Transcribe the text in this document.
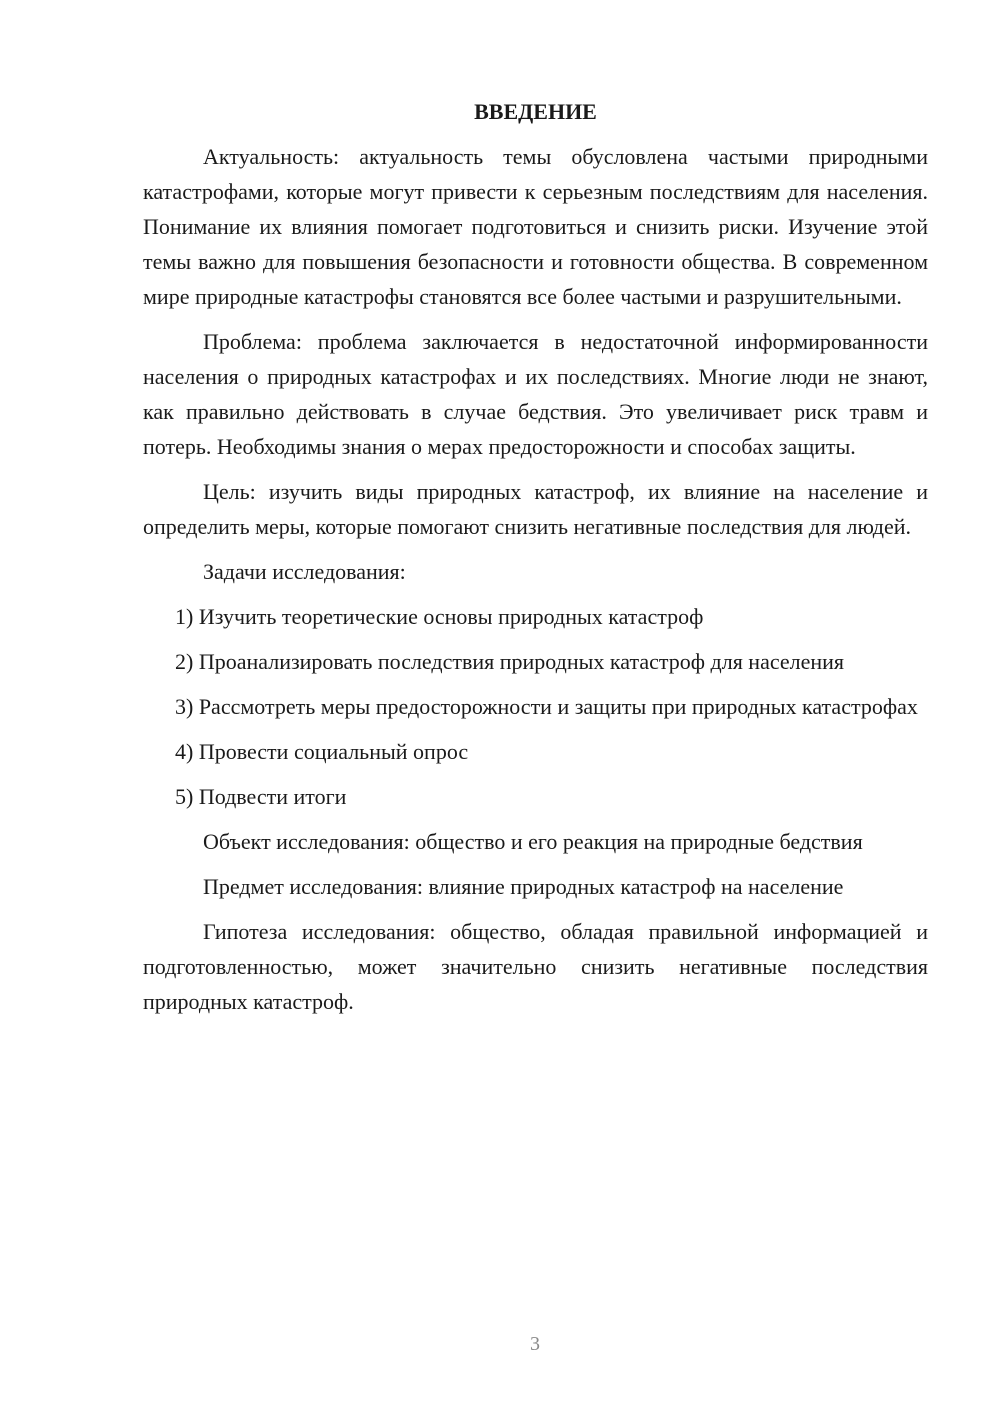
ВВЕДЕНИЕ

Актуальность: актуальность темы обусловлена частыми природными катастрофами, которые могут привести к серьезным последствиям для населения. Понимание их влияния помогает подготовиться и снизить риски. Изучение этой темы важно для повышения безопасности и готовности общества. В современном мире природные катастрофы становятся все более частыми и разрушительными.

Проблема: проблема заключается в недостаточной информированности населения о природных катастрофах и их последствиях. Многие люди не знают, как правильно действовать в случае бедствия. Это увеличивает риск травм и потерь. Необходимы знания о мерах предосторожности и способах защиты.

Цель: изучить виды природных катастроф, их влияние на население и определить меры, которые помогают снизить негативные последствия для людей.

Задачи исследования:

1) Изучить теоретические основы природных катастроф

2) Проанализировать последствия природных катастроф для населения

3) Рассмотреть меры предосторожности и защиты при природных катастрофах

4) Провести социальный опрос

5) Подвести итоги

Объект исследования: общество и его реакция на природные бедствия

Предмет исследования: влияние природных катастроф на население

Гипотеза исследования: общество, обладая правильной информацией и подготовленностью, может значительно снизить негативные последствия природных катастроф.

3
